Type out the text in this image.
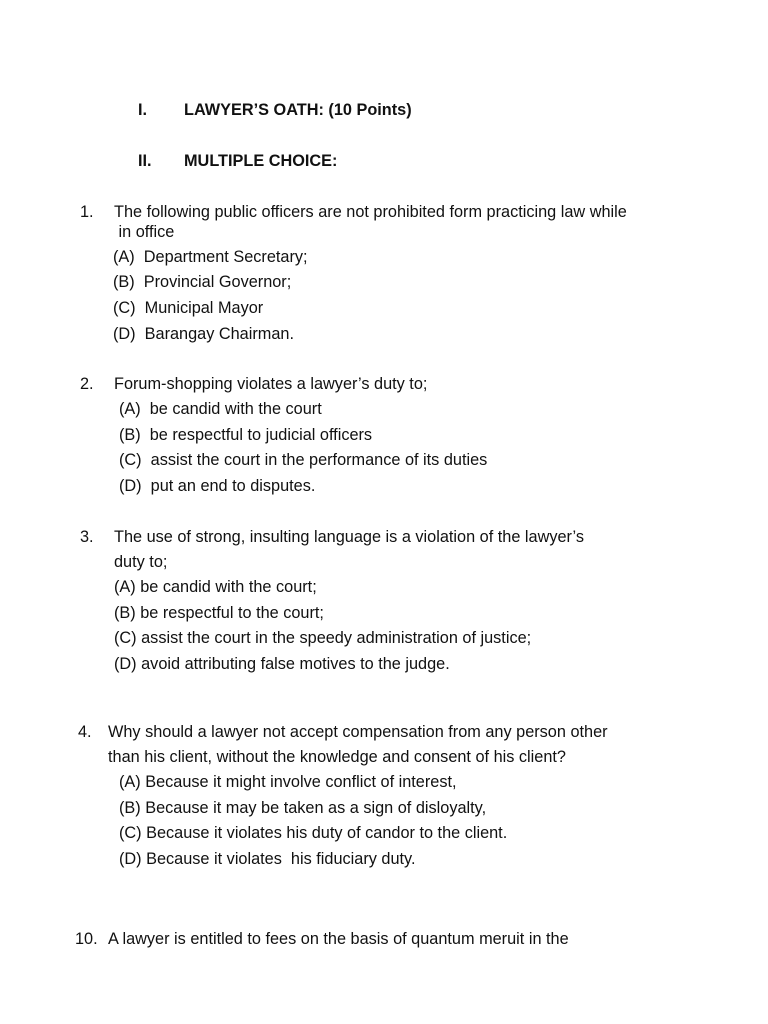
I. LAWYER’S OATH: (10 Points)
II. MULTIPLE CHOICE:
1. The following public officers are not prohibited form practicing law while
in office
(A)  Department Secretary;
(B)  Provincial Governor;
(C)  Municipal Mayor
(D)  Barangay Chairman.
2. Forum-shopping violates a lawyer’s duty to;
(A)  be candid with the court
(B)  be respectful to judicial officers
(C)  assist the court in the performance of its duties
(D)  put an end to disputes.
3. The use of strong, insulting language is a violation of the lawyer’s
duty to;
(A) be candid with the court;
(B) be respectful to the court;
(C) assist the court in the speedy administration of justice;
(D) avoid attributing false motives to the judge.
4. Why should a lawyer not accept compensation from any person other
than his client, without the knowledge and consent of his client?
(A) Because it might involve conflict of interest,
(B) Because it may be taken as a sign of disloyalty,
(C) Because it violates his duty of candor to the client.
(D) Because it violates  his fiduciary duty.
10. A lawyer is entitled to fees on the basis of quantum meruit in the
